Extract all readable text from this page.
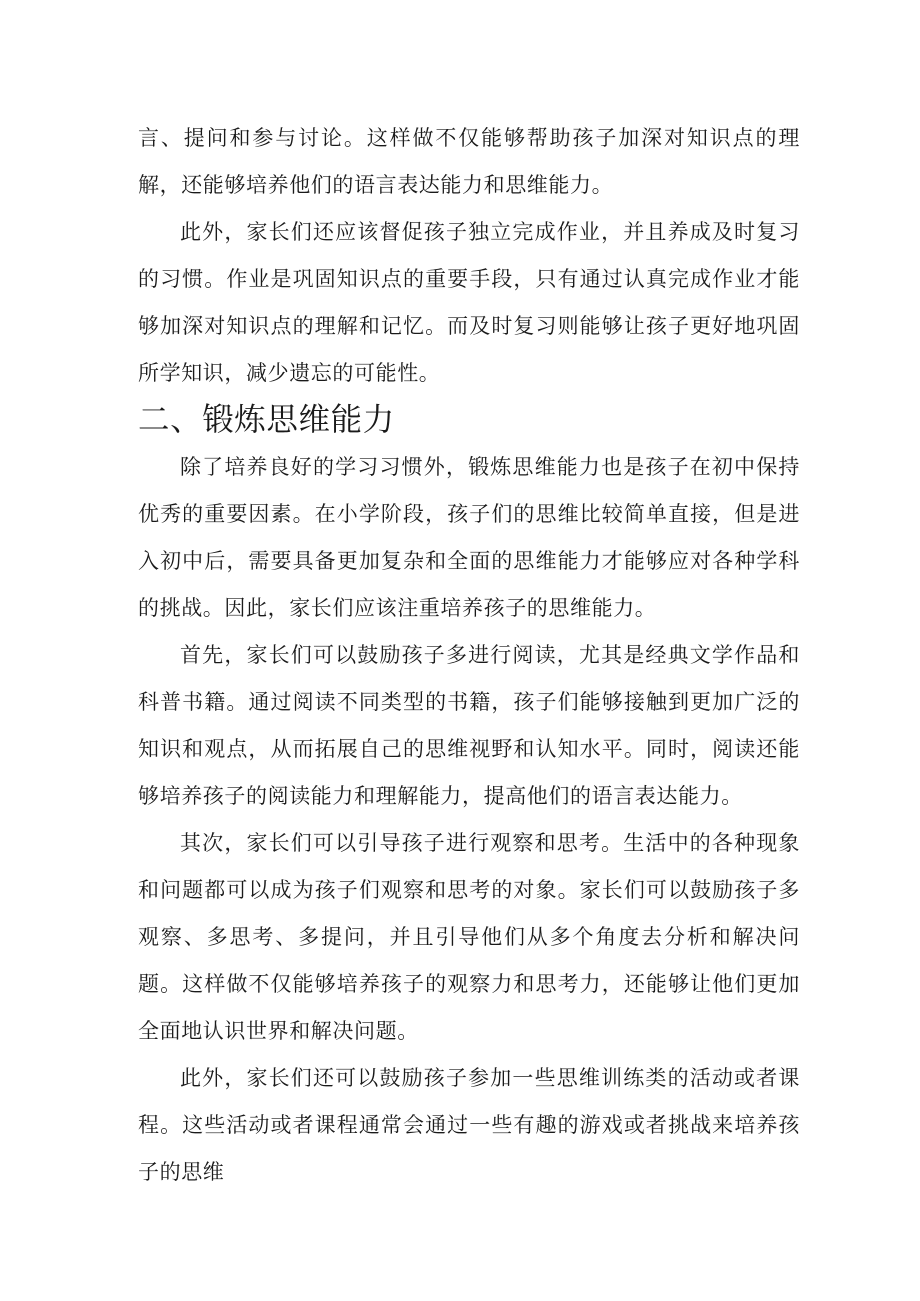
言、提问和参与讨论。这样做不仅能够帮助孩子加深对知识点的理解，还能够培养他们的语言表达能力和思维能力。

此外，家长们还应该督促孩子独立完成作业，并且养成及时复习的习惯。作业是巩固知识点的重要手段，只有通过认真完成作业才能够加深对知识点的理解和记忆。而及时复习则能够让孩子更好地巩固所学知识，减少遗忘的可能性。

二、锻炼思维能力

除了培养良好的学习习惯外，锻炼思维能力也是孩子在初中保持优秀的重要因素。在小学阶段，孩子们的思维比较简单直接，但是进入初中后，需要具备更加复杂和全面的思维能力才能够应对各种学科的挑战。因此，家长们应该注重培养孩子的思维能力。

首先，家长们可以鼓励孩子多进行阅读，尤其是经典文学作品和科普书籍。通过阅读不同类型的书籍，孩子们能够接触到更加广泛的知识和观点，从而拓展自己的思维视野和认知水平。同时，阅读还能够培养孩子的阅读能力和理解能力，提高他们的语言表达能力。

其次，家长们可以引导孩子进行观察和思考。生活中的各种现象和问题都可以成为孩子们观察和思考的对象。家长们可以鼓励孩子多观察、多思考、多提问，并且引导他们从多个角度去分析和解决问题。这样做不仅能够培养孩子的观察力和思考力，还能够让他们更加全面地认识世界和解决问题。

此外，家长们还可以鼓励孩子参加一些思维训练类的活动或者课程。这些活动或者课程通常会通过一些有趣的游戏或者挑战来培养孩子的思维
